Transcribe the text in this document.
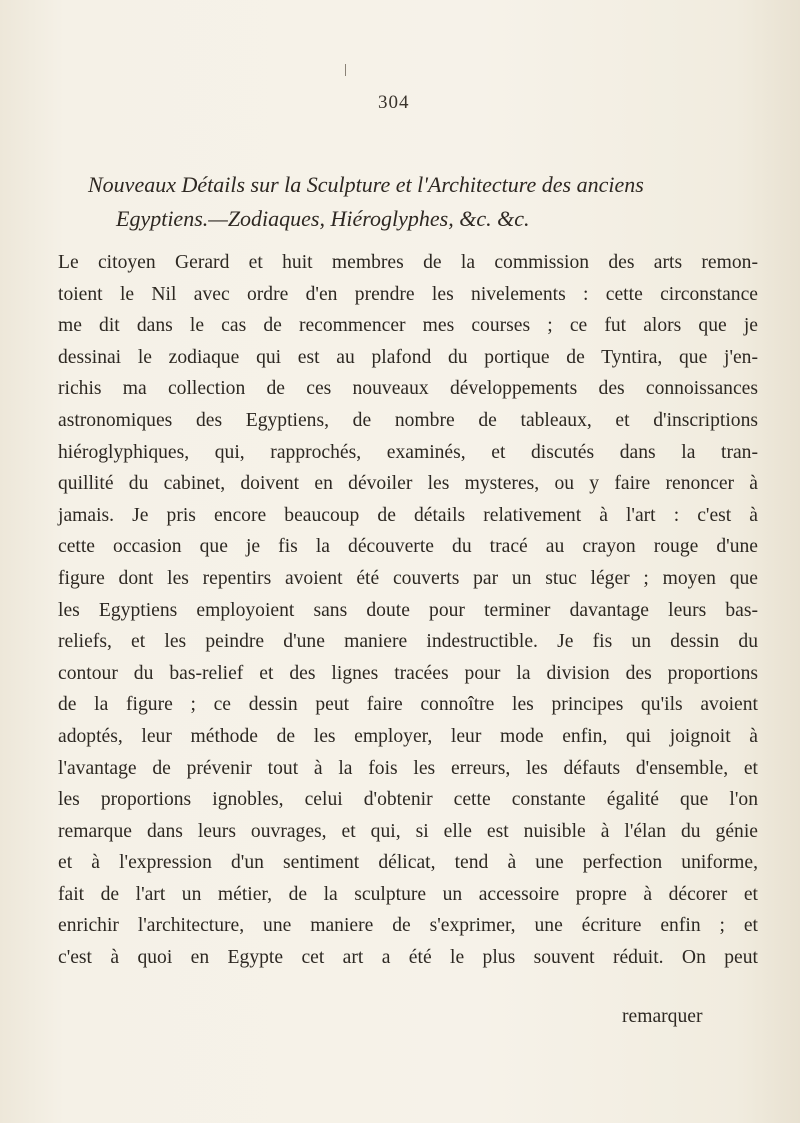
304
Nouveaux Détails sur la Sculpture et l'Architecture des anciens
Egyptiens.—Zodiaques, Hiéroglyphes, &c. &c.
Le citoyen Gerard et huit membres de la commission des arts remon-
toient le Nil avec ordre d'en prendre les nivelements : cette circonstance
me dit dans le cas de recommencer mes courses ; ce fut alors que je
dessinai le zodiaque qui est au plafond du portique de Tyntira, que j'en-
richis ma collection de ces nouveaux développements des connoissances
astronomiques des Egyptiens, de nombre de tableaux, et d'inscriptions
hiéroglyphiques, qui, rapprochés, examinés, et discutés dans la tran-
quillité du cabinet, doivent en dévoiler les mysteres, ou y faire renoncer à
jamais. Je pris encore beaucoup de détails relativement à l'art : c'est à
cette occasion que je fis la découverte du tracé au crayon rouge d'une
figure dont les repentirs avoient été couverts par un stuc léger ; moyen que
les Egyptiens employoient sans doute pour terminer davantage leurs bas-
reliefs, et les peindre d'une maniere indestructible. Je fis un dessin du
contour du bas-relief et des lignes tracées pour la division des proportions
de la figure ; ce dessin peut faire connoître les principes qu'ils avoient
adoptés, leur méthode de les employer, leur mode enfin, qui joignoit à
l'avantage de prévenir tout à la fois les erreurs, les défauts d'ensemble, et
les proportions ignobles, celui d'obtenir cette constante égalité que l'on
remarque dans leurs ouvrages, et qui, si elle est nuisible à l'élan du génie
et à l'expression d'un sentiment délicat, tend à une perfection uniforme,
fait de l'art un métier, de la sculpture un accessoire propre à décorer et
enrichir l'architecture, une maniere de s'exprimer, une écriture enfin ; et
c'est à quoi en Egypte cet art a été le plus souvent réduit. On peut
remarquer
